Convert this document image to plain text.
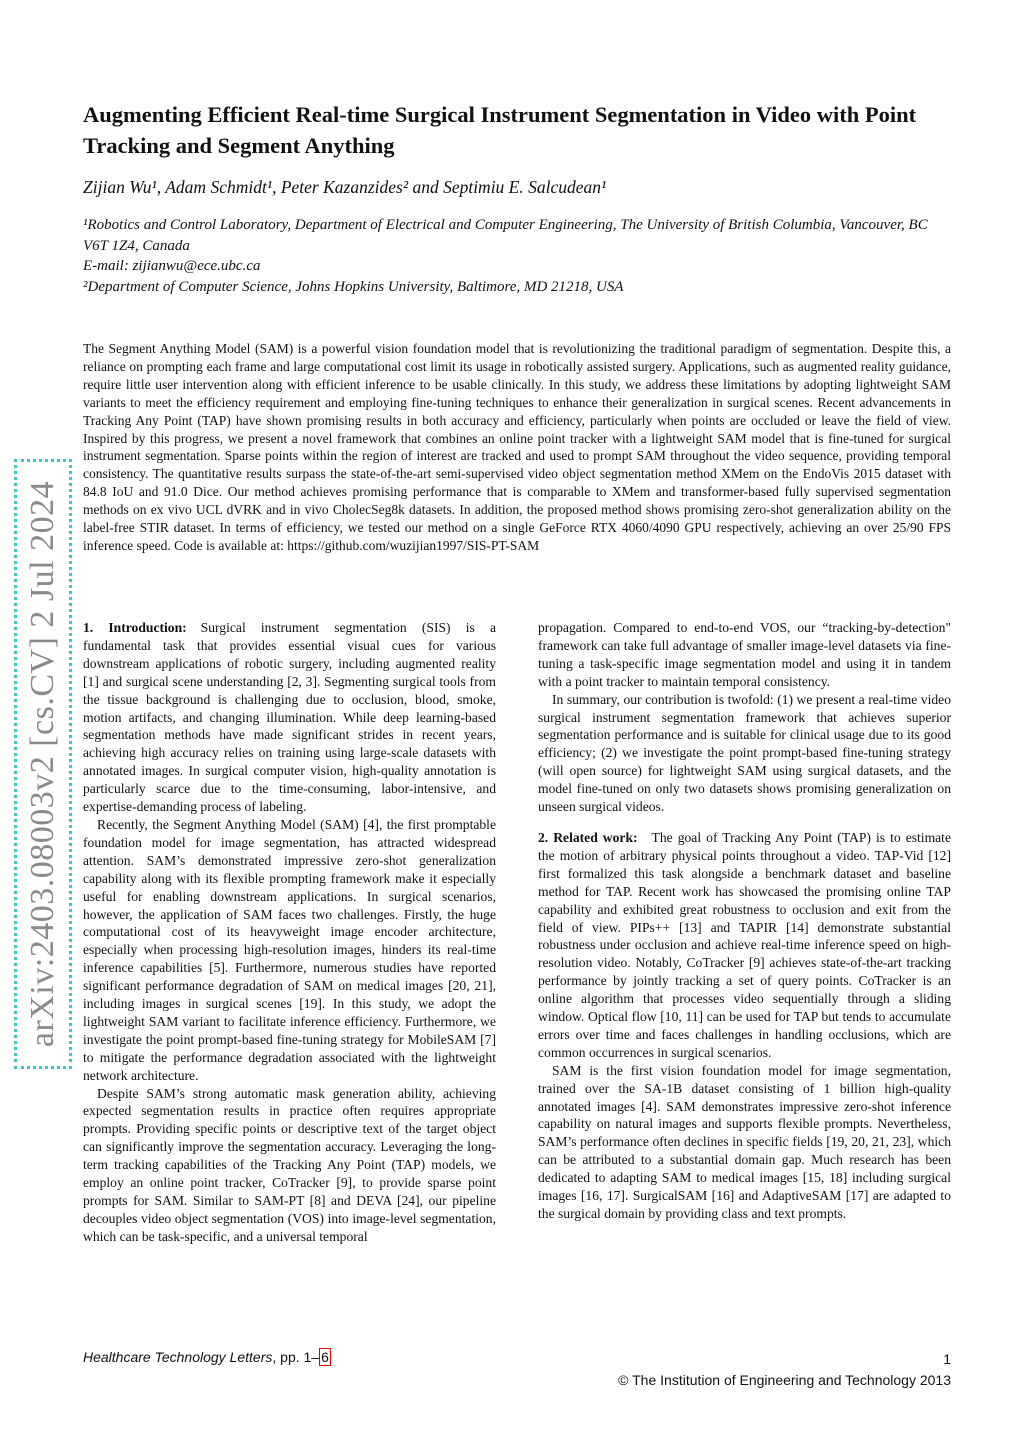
arXiv:2403.08003v2 [cs.CV] 2 Jul 2024
Augmenting Efficient Real-time Surgical Instrument Segmentation in Video with Point Tracking and Segment Anything
Zijian Wu¹, Adam Schmidt¹, Peter Kazanzides² and Septimiu E. Salcudean¹

¹Robotics and Control Laboratory, Department of Electrical and Computer Engineering, The University of British Columbia, Vancouver, BC V6T 1Z4, Canada

E-mail: zijianwu@ece.ubc.ca

²Department of Computer Science, Johns Hopkins University, Baltimore, MD 21218, USA

The Segment Anything Model (SAM) is a powerful vision foundation model that is revolutionizing the traditional paradigm of segmentation. Despite this, a reliance on prompting each frame and large computational cost limit its usage in robotically assisted surgery. Applications, such as augmented reality guidance, require little user intervention along with efficient inference to be usable clinically. In this study, we address these limitations by adopting lightweight SAM variants to meet the efficiency requirement and employing fine-tuning techniques to enhance their generalization in surgical scenes. Recent advancements in Tracking Any Point (TAP) have shown promising results in both accuracy and efficiency, particularly when points are occluded or leave the field of view. Inspired by this progress, we present a novel framework that combines an online point tracker with a lightweight SAM model that is fine-tuned for surgical instrument segmentation. Sparse points within the region of interest are tracked and used to prompt SAM throughout the video sequence, providing temporal consistency. The quantitative results surpass the state-of-the-art semi-supervised video object segmentation method XMem on the EndoVis 2015 dataset with 84.8 IoU and 91.0 Dice. Our method achieves promising performance that is comparable to XMem and transformer-based fully supervised segmentation methods on ex vivo UCL dVRK and in vivo CholecSeg8k datasets. In addition, the proposed method shows promising zero-shot generalization ability on the label-free STIR dataset. In terms of efficiency, we tested our method on a single GeForce RTX 4060/4090 GPU respectively, achieving an over 25/90 FPS inference speed. Code is available at: https://github.com/wuzijian1997/SIS-PT-SAM

1. Introduction: Surgical instrument segmentation (SIS) is a fundamental task that provides essential visual cues for various downstream applications of robotic surgery, including augmented reality [1] and surgical scene understanding [2, 3]. Segmenting surgical tools from the tissue background is challenging due to occlusion, blood, smoke, motion artifacts, and changing illumination. While deep learning-based segmentation methods have made significant strides in recent years, achieving high accuracy relies on training using large-scale datasets with annotated images. In surgical computer vision, high-quality annotation is particularly scarce due to the time-consuming, labor-intensive, and expertise-demanding process of labeling.

Recently, the Segment Anything Model (SAM) [4], the first promptable foundation model for image segmentation, has attracted widespread attention. SAM’s demonstrated impressive zero-shot generalization capability along with its flexible prompting framework make it especially useful for enabling downstream applications. In surgical scenarios, however, the application of SAM faces two challenges. Firstly, the huge computational cost of its heavyweight image encoder architecture, especially when processing high-resolution images, hinders its real-time inference capabilities [5]. Furthermore, numerous studies have reported significant performance degradation of SAM on medical images [20, 21], including images in surgical scenes [19]. In this study, we adopt the lightweight SAM variant to facilitate inference efficiency. Furthermore, we investigate the point prompt-based fine-tuning strategy for MobileSAM [7] to mitigate the performance degradation associated with the lightweight network architecture.

Despite SAM’s strong automatic mask generation ability, achieving expected segmentation results in practice often requires appropriate prompts. Providing specific points or descriptive text of the target object can significantly improve the segmentation accuracy. Leveraging the long-term tracking capabilities of the Tracking Any Point (TAP) models, we employ an online point tracker, CoTracker [9], to provide sparse point prompts for SAM. Similar to SAM-PT [8] and DEVA [24], our pipeline decouples video object segmentation (VOS) into image-level segmentation, which can be task-specific, and a universal temporal

propagation. Compared to end-to-end VOS, our “tracking-by-detection" framework can take full advantage of smaller image-level datasets via fine-tuning a task-specific image segmentation model and using it in tandem with a point tracker to maintain temporal consistency.

In summary, our contribution is twofold: (1) we present a real-time video surgical instrument segmentation framework that achieves superior segmentation performance and is suitable for clinical usage due to its good efficiency; (2) we investigate the point prompt-based fine-tuning strategy (will open source) for lightweight SAM using surgical datasets, and the model fine-tuned on only two datasets shows promising generalization on unseen surgical videos.

2. Related work: The goal of Tracking Any Point (TAP) is to estimate the motion of arbitrary physical points throughout a video. TAP-Vid [12] first formalized this task alongside a benchmark dataset and baseline method for TAP. Recent work has showcased the promising online TAP capability and exhibited great robustness to occlusion and exit from the field of view. PIPs++ [13] and TAPIR [14] demonstrate substantial robustness under occlusion and achieve real-time inference speed on high-resolution video. Notably, CoTracker [9] achieves state-of-the-art tracking performance by jointly tracking a set of query points. CoTracker is an online algorithm that processes video sequentially through a sliding window. Optical flow [10, 11] can be used for TAP but tends to accumulate errors over time and faces challenges in handling occlusions, which are common occurrences in surgical scenarios.

SAM is the first vision foundation model for image segmentation, trained over the SA-1B dataset consisting of 1 billion high-quality annotated images [4]. SAM demonstrates impressive zero-shot inference capability on natural images and supports flexible prompts. Nevertheless, SAM’s performance often declines in specific fields [19, 20, 21, 23], which can be attributed to a substantial domain gap. Much research has been dedicated to adapting SAM to medical images [15, 18] including surgical images [16, 17]. SurgicalSAM [16] and AdaptiveSAM [17] are adapted to the surgical domain by providing class and text prompts.

Healthcare Technology Letters, pp. 1– 6	1
© The Institution of Engineering and Technology 2013
